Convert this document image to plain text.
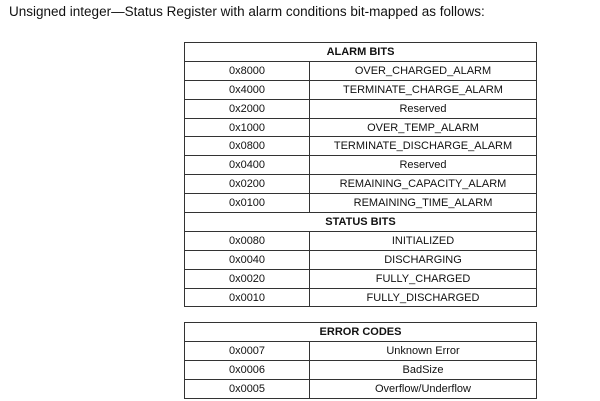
Unsigned integer—Status Register with alarm conditions bit-mapped as follows:
ALARM BITS	
0x8000	OVER_CHARGED_ALARM
0x4000	TERMINATE_CHARGE_ALARM
0x2000	Reserved
0x1000	OVER_TEMP_ALARM
0x0800	TERMINATE_DISCHARGE_ALARM
0x0400	Reserved
0x0200	REMAINING_CAPACITY_ALARM
0x0100	REMAINING_TIME_ALARM
STATUS BITS	
0x0080	INITIALIZED
0x0040	DISCHARGING
0x0020	FULLY_CHARGED
0x0010	FULLY_DISCHARGED
ERROR CODES	
0x0007	Unknown Error
0x0006	BadSize
0x0005	Overflow/Underflow
